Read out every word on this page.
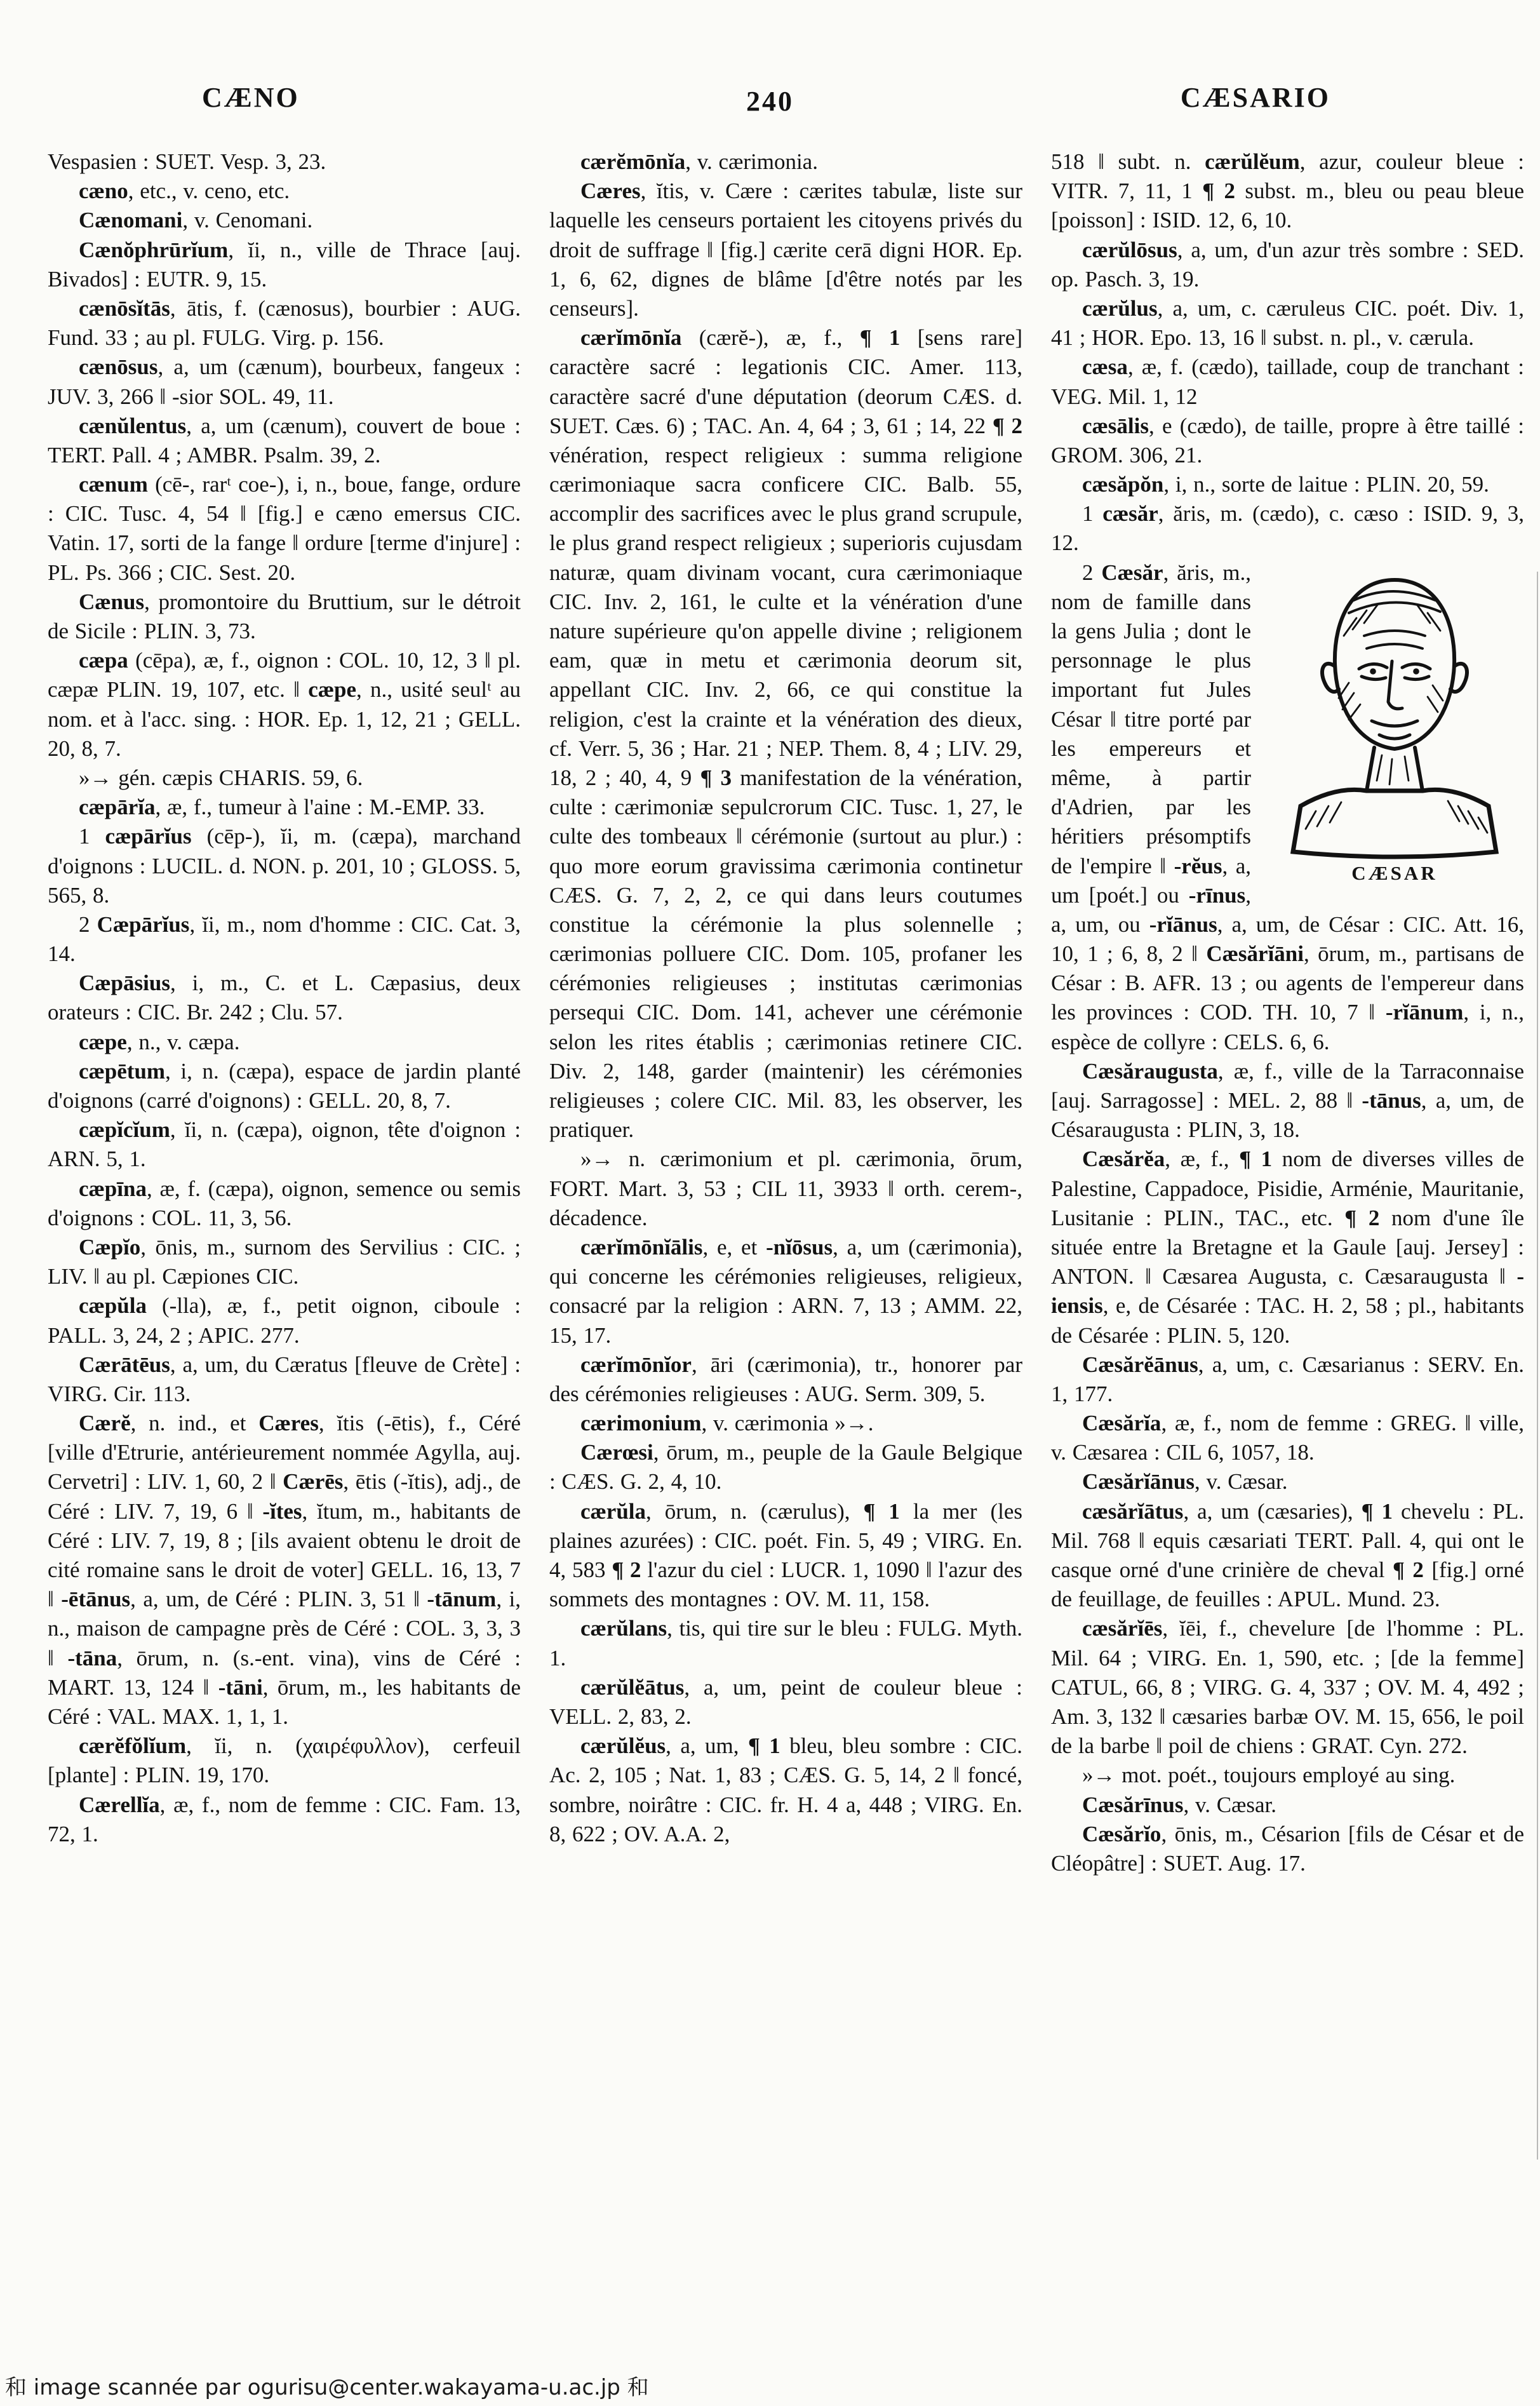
CÆNO	240	CÆSARIO

Vespasien : SUET. Vesp. 3, 23.

cæno, etc., v. ceno, etc.

Cænomani, v. Cenomani.

Cænŏphrūrĭum, ĭi, n., ville de Thrace [auj. Bivados] : EUTR. 9, 15.

cænōsĭtās, ātis, f. (cænosus), bourbier : AUG. Fund. 33 ; au pl. FULG. Virg. p. 156.

cænōsus, a, um (cænum), bourbeux, fangeux : JUV. 3, 266 ‖ -sior SOL. 49, 11.

cænŭlentus, a, um (cænum), couvert de boue : TERT. Pall. 4 ; AMBR. Psalm. 39, 2.

cænum (cē-, rarᵗ coe-), i, n., boue, fange, ordure : CIC. Tusc. 4, 54 ‖ [fig.] e cæno emersus CIC. Vatin. 17, sorti de la fange ‖ ordure [terme d'injure] : PL. Ps. 366 ; CIC. Sest. 20.

Cænus, promontoire du Bruttium, sur le détroit de Sicile : PLIN. 3, 73.

cæpa (cēpa), æ, f., oignon : COL. 10, 12, 3 ‖ pl. cæpæ PLIN. 19, 107, etc. ‖ cæpe, n., usité seulᵗ au nom. et à l'acc. sing. : HOR. Ep. 1, 12, 21 ; GELL. 20, 8, 7.

»→ gén. cæpis CHARIS. 59, 6.

cæpārĭa, æ, f., tumeur à l'aine : M.-EMP. 33.

1 cæpārĭus (cēp-), ĭi, m. (cæpa), marchand d'oignons : LUCIL. d. NON. p. 201, 10 ; GLOSS. 5, 565, 8.

2 Cæpārĭus, ĭi, m., nom d'homme : CIC. Cat. 3, 14.

Cæpāsius, i, m., C. et L. Cæpasius, deux orateurs : CIC. Br. 242 ; Clu. 57.

cæpe, n., v. cæpa.

cæpētum, i, n. (cæpa), espace de jardin planté d'oignons (carré d'oignons) : GELL. 20, 8, 7.

cæpĭcĭum, ĭi, n. (cæpa), oignon, tête d'oignon : ARN. 5, 1.

cæpīna, æ, f. (cæpa), oignon, semence ou semis d'oignons : COL. 11, 3, 56.

Cæpĭo, ōnis, m., surnom des Servilius : CIC. ; LIV. ‖ au pl. Cæpiones CIC.

cæpŭla (-lla), æ, f., petit oignon, ciboule : PALL. 3, 24, 2 ; APIC. 277.

Cærātēus, a, um, du Cæratus [fleuve de Crète] : VIRG. Cir. 113.

Cærĕ, n. ind., et Cæres, ĭtis (-ētis), f., Céré [ville d'Etrurie, antérieurement nommée Agylla, auj. Cervetri] : LIV. 1, 60, 2 ‖ Cærēs, ētis (-ĭtis), adj., de Céré : LIV. 7, 19, 6 ‖ -ĭtes, ĭtum, m., habitants de Céré : LIV. 7, 19, 8 ; [ils avaient obtenu le droit de cité romaine sans le droit de voter] GELL. 16, 13, 7 ‖ -ētānus, a, um, de Céré : PLIN. 3, 51 ‖ -tānum, i, n., maison de campagne près de Céré : COL. 3, 3, 3 ‖ -tāna, ōrum, n. (s.-ent. vina), vins de Céré : MART. 13, 124 ‖ -tāni, ōrum, m., les habitants de Céré : VAL. MAX. 1, 1, 1.

cærĕfŏlĭum, ĭi, n. (χαιρέφυλλον), cerfeuil [plante] : PLIN. 19, 170.

Cærellĭa, æ, f., nom de femme : CIC. Fam. 13, 72, 1.

cærĕmōnĭa, v. cærimonia.

Cæres, ĭtis, v. Cære : cærites tabulæ, liste sur laquelle les censeurs portaient les citoyens privés du droit de suffrage ‖ [fig.] cærite cerā digni HOR. Ep. 1, 6, 62, dignes de blâme [d'être notés par les censeurs].

cærĭmōnĭa (cærĕ-), æ, f., ¶ 1 [sens rare] caractère sacré : legationis CIC. Amer. 113, caractère sacré d'une députation (deorum CÆS. d. SUET. Cæs. 6) ; TAC. An. 4, 64 ; 3, 61 ; 14, 22 ¶ 2 vénération, respect religieux : summa religione cærimoniaque sacra conficere CIC. Balb. 55, accomplir des sacrifices avec le plus grand scrupule, le plus grand respect religieux ; superioris cujusdam naturæ, quam divinam vocant, cura cærimoniaque CIC. Inv. 2, 161, le culte et la vénération d'une nature supérieure qu'on appelle divine ; religionem eam, quæ in metu et cærimonia deorum sit, appellant CIC. Inv. 2, 66, ce qui constitue la religion, c'est la crainte et la vénération des dieux, cf. Verr. 5, 36 ; Har. 21 ; NEP. Them. 8, 4 ; LIV. 29, 18, 2 ; 40, 4, 9 ¶ 3 manifestation de la vénération, culte : cærimoniæ sepulcrorum CIC. Tusc. 1, 27, le culte des tombeaux ‖ cérémonie (surtout au plur.) : quo more eorum gravissima cærimonia continetur CÆS. G. 7, 2, 2, ce qui dans leurs coutumes constitue la cérémonie la plus solennelle ; cærimonias polluere CIC. Dom. 105, profaner les cérémonies religieuses ; institutas cærimonias persequi CIC. Dom. 141, achever une cérémonie selon les rites établis ; cærimonias retinere CIC. Div. 2, 148, garder (maintenir) les cérémonies religieuses ; colere CIC. Mil. 83, les observer, les pratiquer.

»→ n. cærimonium et pl. cærimonia, ōrum, FORT. Mart. 3, 53 ; CIL 11, 3933 ‖ orth. cerem-, décadence.

cærĭmōnĭālis, e, et -nĭōsus, a, um (cærimonia), qui concerne les cérémonies religieuses, religieux, consacré par la religion : ARN. 7, 13 ; AMM. 22, 15, 17.

cærĭmōnĭor, āri (cærimonia), tr., honorer par des cérémonies religieuses : AUG. Serm. 309, 5.

cærimonium, v. cærimonia »→.

Cærœsi, ōrum, m., peuple de la Gaule Belgique : CÆS. G. 2, 4, 10.

cærŭla, ōrum, n. (cærulus), ¶ 1 la mer (les plaines azurées) : CIC. poét. Fin. 5, 49 ; VIRG. En. 4, 583 ¶ 2 l'azur du ciel : LUCR. 1, 1090 ‖ l'azur des sommets des montagnes : OV. M. 11, 158.

cærŭlans, tis, qui tire sur le bleu : FULG. Myth. 1.

cærŭlĕātus, a, um, peint de couleur bleue : VELL. 2, 83, 2.

cærŭlĕus, a, um, ¶ 1 bleu, bleu sombre : CIC. Ac. 2, 105 ; Nat. 1, 83 ; CÆS. G. 5, 14, 2 ‖ foncé, sombre, noirâtre : CIC. fr. H. 4 a, 448 ; VIRG. En. 8, 622 ; OV. A.A. 2,

518 ‖ subt. n. cærŭlĕum, azur, couleur bleue : VITR. 7, 11, 1 ¶ 2 subst. m., bleu ou peau bleue [poisson] : ISID. 12, 6, 10.

cærŭlōsus, a, um, d'un azur très sombre : SED. op. Pasch. 3, 19.

cærŭlus, a, um, c. cæruleus CIC. poét. Div. 1, 41 ; HOR. Epo. 13, 16 ‖ subst. n. pl., v. cærula.

cæsa, æ, f. (cædo), taillade, coup de tranchant : VEG. Mil. 1, 12

cæsālis, e (cædo), de taille, propre à être taillé : GROM. 306, 21.

cæsăpŏn, i, n., sorte de laitue : PLIN. 20, 59.

1 cæsăr, ăris, m. (cædo), c. cæso : ISID. 9, 3, 12.

CÆSAR

2 Cæsăr, ăris, m., nom de famille dans la gens Julia ; dont le personnage le plus important fut Jules César ‖ titre porté par les empereurs et même, à partir d'Adrien, par les héritiers présomptifs de l'empire ‖ -rĕus, a, um [poét.] ou -rīnus, a, um, ou -rĭānus, a, um, de César : CIC. Att. 16, 10, 1 ; 6, 8, 2 ‖ Cæsărĭāni, ōrum, m., partisans de César : B. AFR. 13 ; ou agents de l'empereur dans les provinces : COD. TH. 10, 7 ‖ -rĭānum, i, n., espèce de collyre : CELS. 6, 6.

Cæsăraugusta, æ, f., ville de la Tarraconnaise [auj. Sarragosse] : MEL. 2, 88 ‖ -tānus, a, um, de Césaraugusta : PLIN, 3, 18.

Cæsărĕa, æ, f., ¶ 1 nom de diverses villes de Palestine, Cappadoce, Pisidie, Arménie, Mauritanie, Lusitanie : PLIN., TAC., etc. ¶ 2 nom d'une île située entre la Bretagne et la Gaule [auj. Jersey] : ANTON. ‖ Cæsarea Augusta, c. Cæsaraugusta ‖ -iensis, e, de Césarée : TAC. H. 2, 58 ; pl., habitants de Césarée : PLIN. 5, 120.

Cæsărĕānus, a, um, c. Cæsarianus : SERV. En. 1, 177.

Cæsărĭa, æ, f., nom de femme : GREG. ‖ ville, v. Cæsarea : CIL 6, 1057, 18.

Cæsărĭānus, v. Cæsar.

cæsărĭātus, a, um (cæsaries), ¶ 1 chevelu : PL. Mil. 768 ‖ equis cæsariati TERT. Pall. 4, qui ont le casque orné d'une crinière de cheval ¶ 2 [fig.] orné de feuillage, de feuilles : APUL. Mund. 23.

cæsărĭēs, ĭēi, f., chevelure [de l'homme : PL. Mil. 64 ; VIRG. En. 1, 590, etc. ; [de la femme] CATUL, 66, 8 ; VIRG. G. 4, 337 ; OV. M. 4, 492 ; Am. 3, 132 ‖ cæsaries barbæ OV. M. 15, 656, le poil de la barbe ‖ poil de chiens : GRAT. Cyn. 272.

»→ mot. poét., toujours employé au sing.

Cæsărīnus, v. Cæsar.

Cæsărĭo, ōnis, m., Césarion [fils de César et de Cléopâtre] : SUET. Aug. 17.

和 image scannée par ogurisu@center.wakayama-u.ac.jp 和
